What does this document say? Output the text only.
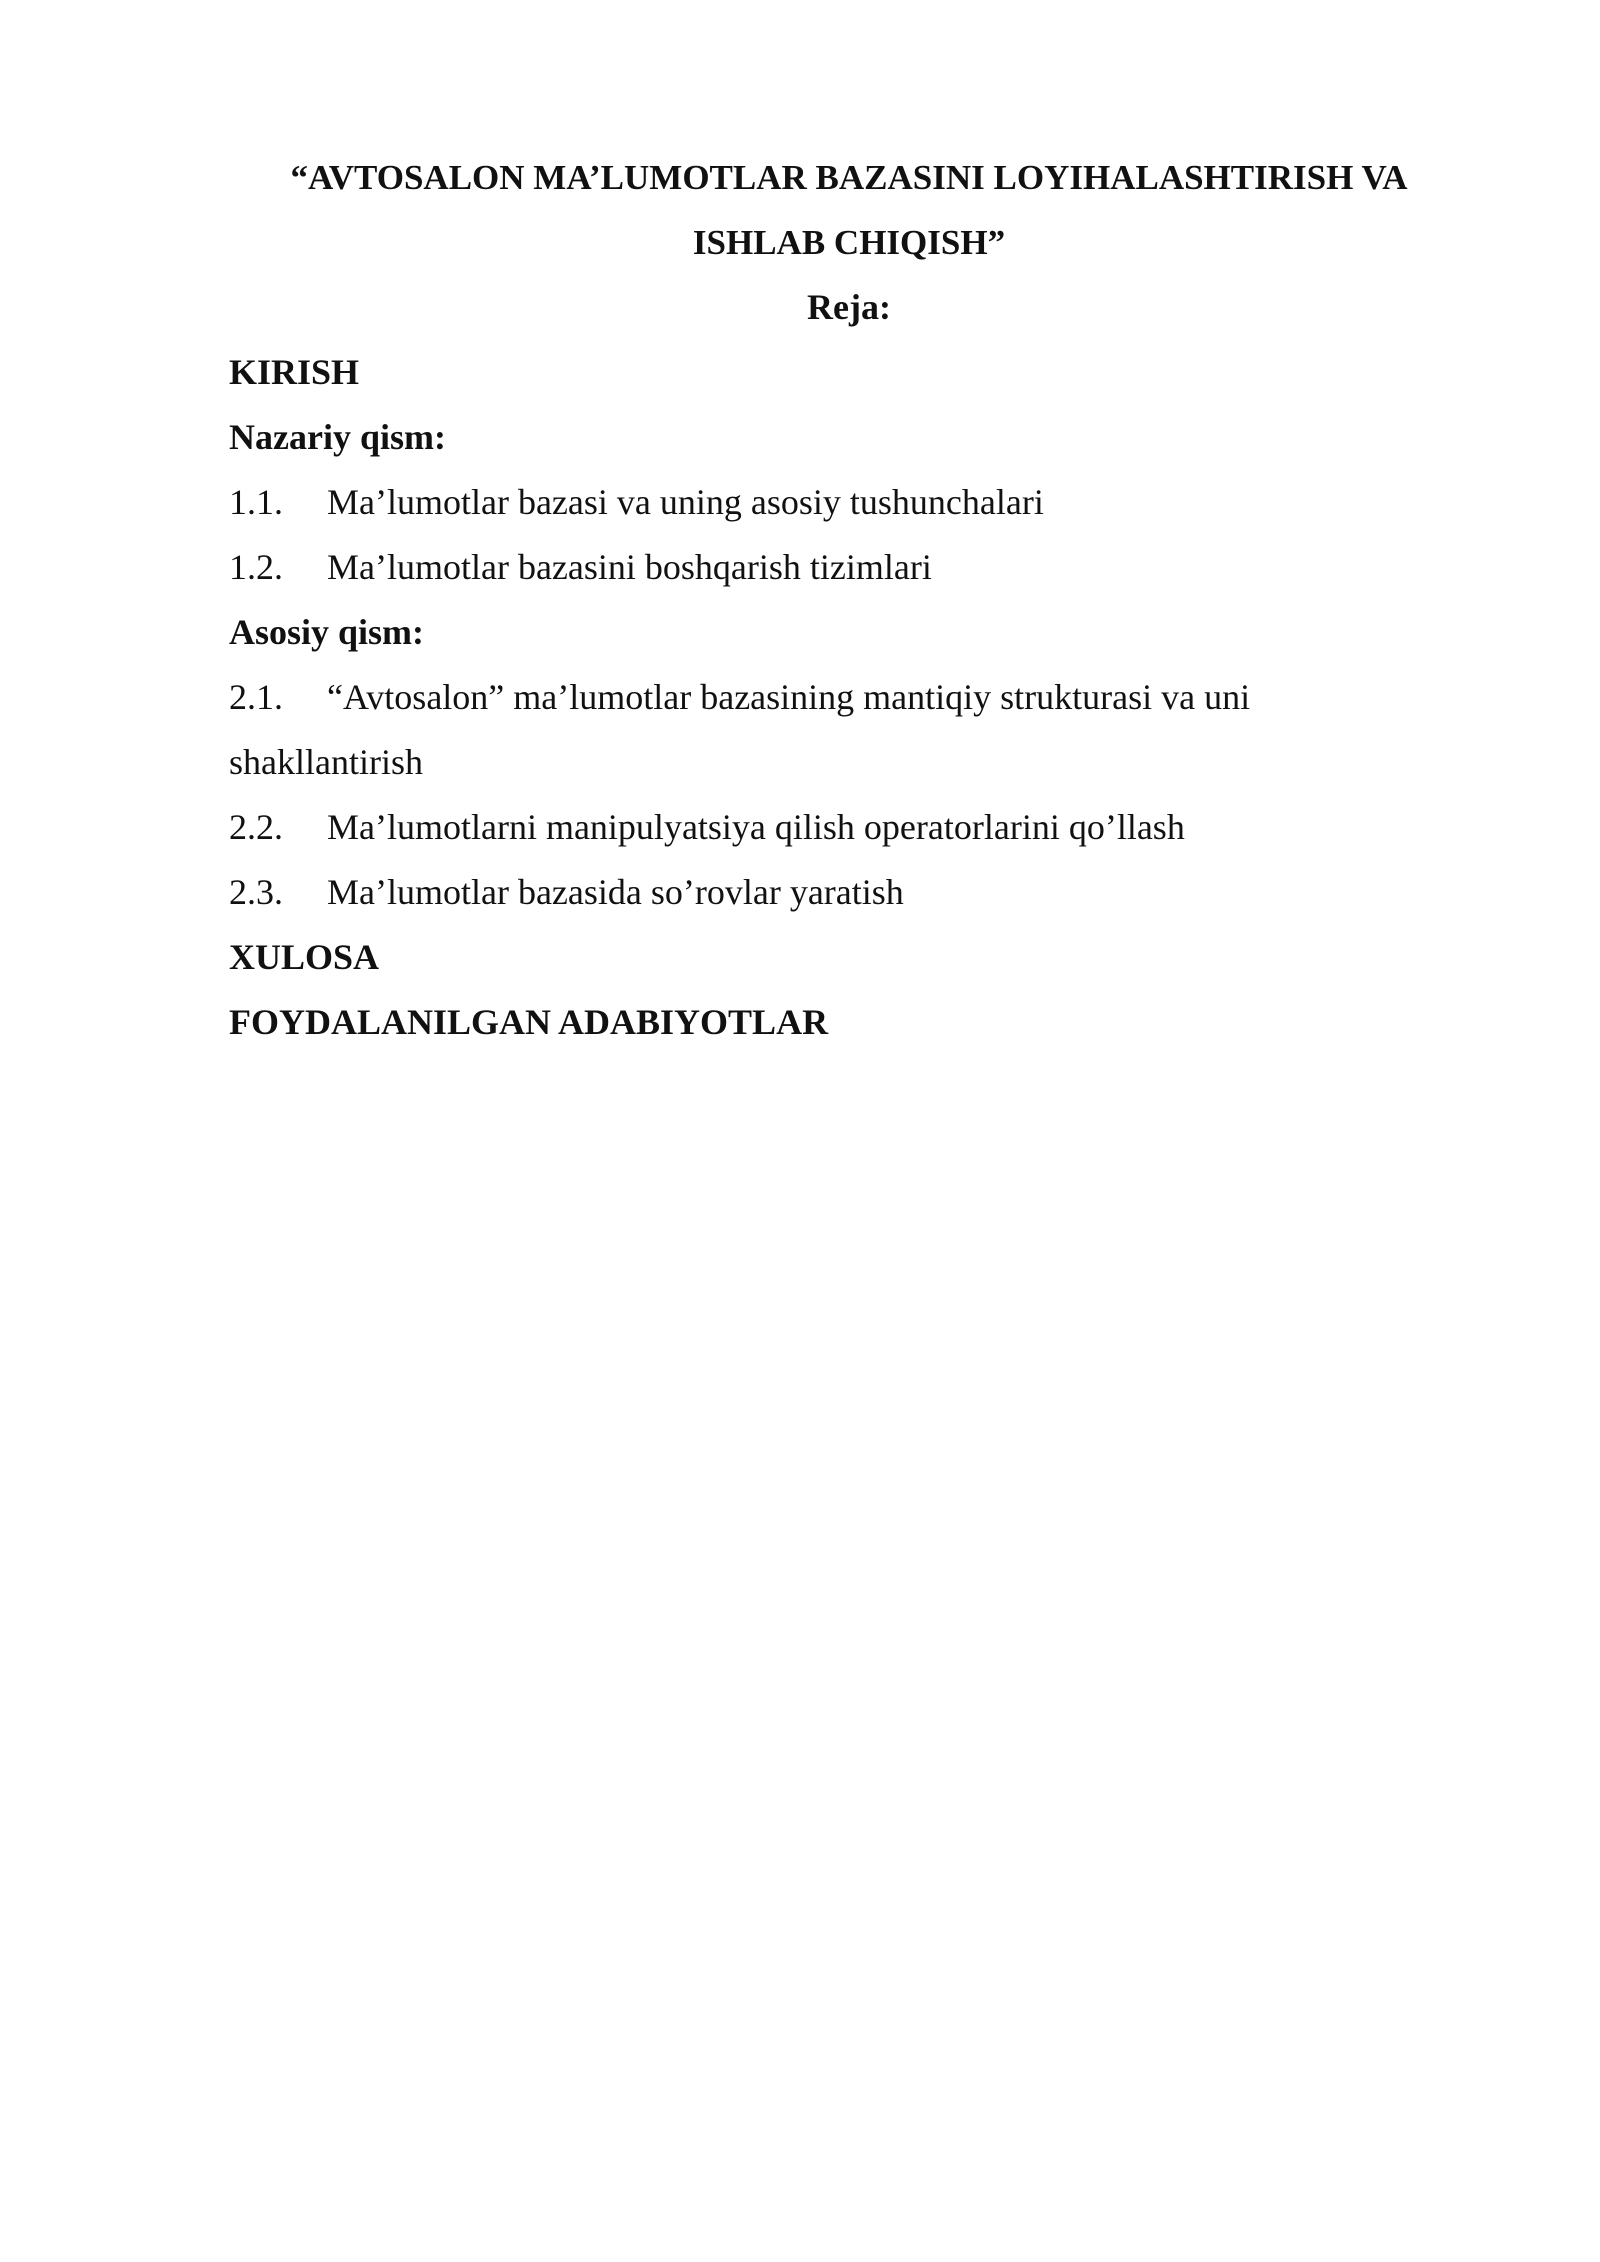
“AVTOSALON MA’LUMOTLAR BAZASINI LOYIHALASHTIRISH VA
ISHLAB CHIQISH”
Reja:
KIRISH
Nazariy qism:
1.1. Ma’lumotlar bazasi va uning asosiy tushunchalari
1.2. Ma’lumotlar bazasini boshqarish tizimlari
Asosiy qism:
2.1. “Avtosalon” ma’lumotlar bazasining mantiqiy strukturasi va uni
shakllantirish
2.2. Ma’lumotlarni manipulyatsiya qilish operatorlarini qo’llash
2.3. Ma’lumotlar bazasida so’rovlar yaratish
XULOSA
FOYDALANILGAN ADABIYOTLAR
